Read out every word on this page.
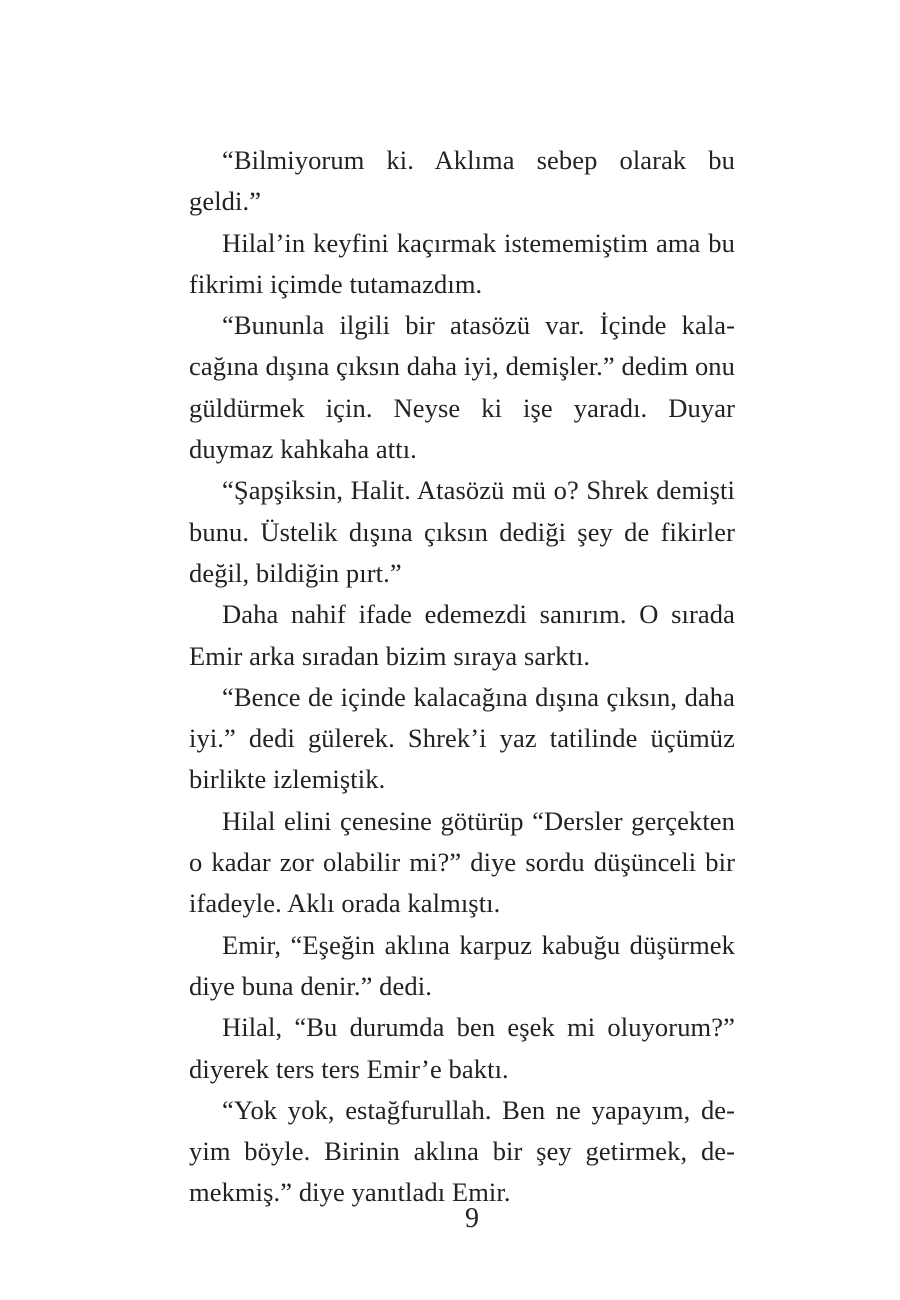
“Bilmiyorum ki. Aklıma sebep olarak bu geldi.”

Hilal’in keyfini kaçırmak istememiştim ama bu fikrimi içimde tutamazdım.

“Bununla ilgili bir atasözü var. İçinde kalacağına dışına çıksın daha iyi, demişler.” dedim onu güldürmek için. Neyse ki işe yaradı. Duyar duymaz kahkaha attı.

“Şapşiksin, Halit. Atasözü mü o? Shrek demişti bunu. Üstelik dışına çıksın dediği şey de fikirler değil, bildiğin pırt.”

Daha nahif ifade edemezdi sanırım. O sırada Emir arka sıradan bizim sıraya sarktı.

“Bence de içinde kalacağına dışına çıksın, daha iyi.” dedi gülerek. Shrek’i yaz tatilinde üçümüz birlikte izlemiştik.

Hilal elini çenesine götürüp “Dersler gerçekten o kadar zor olabilir mi?” diye sordu düşünceli bir ifadeyle. Aklı orada kalmıştı.

Emir, “Eşeğin aklına karpuz kabuğu düşürmek diye buna denir.” dedi.

Hilal, “Bu durumda ben eşek mi oluyorum?” diyerek ters ters Emir’e baktı.

“Yok yok, estağfurullah. Ben ne yapayım, deyim böyle. Birinin aklına bir şey getirmek, demekmiş.” diye yanıtladı Emir.

9
